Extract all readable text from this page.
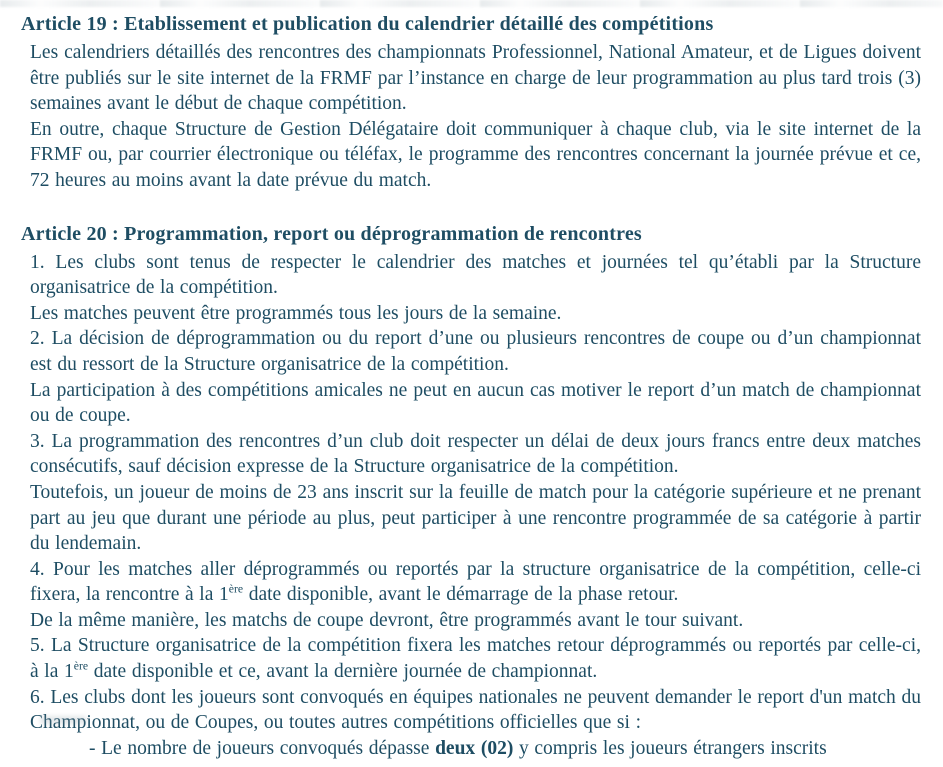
Article 19 : Etablissement et publication du calendrier détaillé des compétitions

Les calendriers détaillés des rencontres des championnats Professionnel, National Amateur, et de Ligues doivent être publiés sur le site internet de la FRMF par l’instance en charge de leur programmation au plus tard trois (3) semaines avant le début de chaque compétition.

En outre, chaque Structure de Gestion Délégataire doit communiquer à chaque club, via le site internet de la FRMF ou, par courrier électronique ou téléfax, le programme des rencontres concernant la journée prévue et ce, 72 heures au moins avant la date prévue du match.

Article 20 : Programmation, report ou déprogrammation de rencontres

1. Les clubs sont tenus de respecter le calendrier des matches et journées tel qu’établi par la Structure organisatrice de la compétition.

Les matches peuvent être programmés tous les jours de la semaine.

2. La décision de déprogrammation ou du report d’une ou plusieurs rencontres de coupe ou d’un championnat est du ressort de la Structure organisatrice de la compétition.

La participation à des compétitions amicales ne peut en aucun cas motiver le report d’un match de championnat ou de coupe.

3. La programmation des rencontres d’un club doit respecter un délai de deux jours francs entre deux matches consécutifs, sauf décision expresse de la Structure organisatrice de la compétition.

Toutefois, un joueur de moins de 23 ans inscrit sur la feuille de match pour la catégorie supérieure et ne prenant part au jeu que durant une période au plus, peut participer à une rencontre programmée de sa catégorie à partir du lendemain.

4. Pour les matches aller déprogrammés ou reportés par la structure organisatrice de la compétition, celle-ci fixera, la rencontre à la 1ère date disponible, avant le démarrage de la phase retour.

De la même manière, les matchs de coupe devront, être programmés avant le tour suivant.

5. La Structure organisatrice de la compétition fixera les matches retour déprogrammés ou reportés par celle-ci, à la 1ère date disponible et ce, avant la dernière journée de championnat.

6. Les clubs dont les joueurs sont convoqués en équipes nationales ne peuvent demander le report d'un match du Championnat, ou de Coupes, ou toutes autres compétitions officielles que si :

- Le nombre de joueurs convoqués dépasse deux (02) y compris les joueurs étrangers inscrits
